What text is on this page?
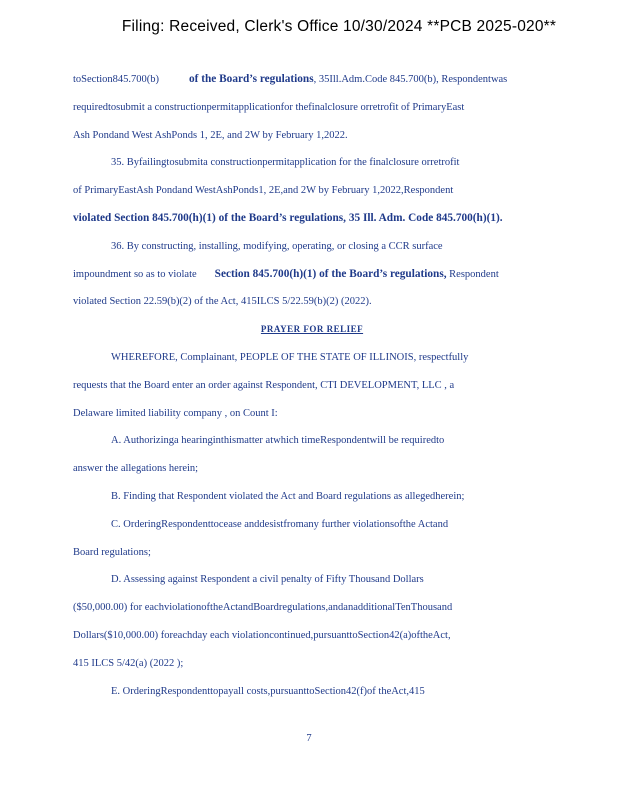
Filing: Received, Clerk's Office 10/30/2024 **PCB 2025-020**
toSection845.700(b)	of the Board’s regulations, 35Ill.Adm.Code 845.700(b), Respondentwas
requiredtosubmit a constructionpermitapplicationfor thefinalclosure orretrofit of PrimaryEast
Ash Pondand West AshPonds 1, 2E, and 2W by February 1,2022.
35. Byfailingtosubmita constructionpermitapplication for the finalclosure orretrofit
of PrimaryEastAsh Pondand WestAshPonds1, 2E,and 2W by February 1,2022,Respondent
violated Section 845.700(h)(1) of the Board’s regulations, 35 Ill. Adm. Code 845.700(h)(1).
36. By constructing, installing, modifying, operating, or closing a CCR surface
impoundment so as to violate Section 845.700(h)(1) of the Board’s regulations, Respondent
violated Section 22.59(b)(2) of the Act, 415ILCS 5/22.59(b)(2) (2022).
PRAYER FOR RELIEF
WHEREFORE, Complainant, PEOPLE OF THE STATE OF ILLINOIS, respectfully
requests that the Board enter an order against Respondent, CTI DEVELOPMENT, LLC , a
Delaware limited liability company , on Count I:
A. Authorizinga hearinginthismatter atwhich timeRespondentwill be requiredto
answer the allegations herein;
B. Finding that Respondent violated the Act and Board regulations as allegedherein;
C. OrderingRespondenttocease anddesistfromany further violationsofthe Actand
Board regulations;
D. Assessing against Respondent a civil penalty of Fifty Thousand Dollars
($50,000.00) for eachviolationoftheActandBoardregulations,andanadditionalTenThousand
Dollars($10,000.00) foreachday each violationcontinued,pursuanttoSection42(a)oftheAct,
415 ILCS 5/42(a) (2022 );
E. OrderingRespondenttopayall costs,pursuanttoSection42(f)of theAct,415
7
